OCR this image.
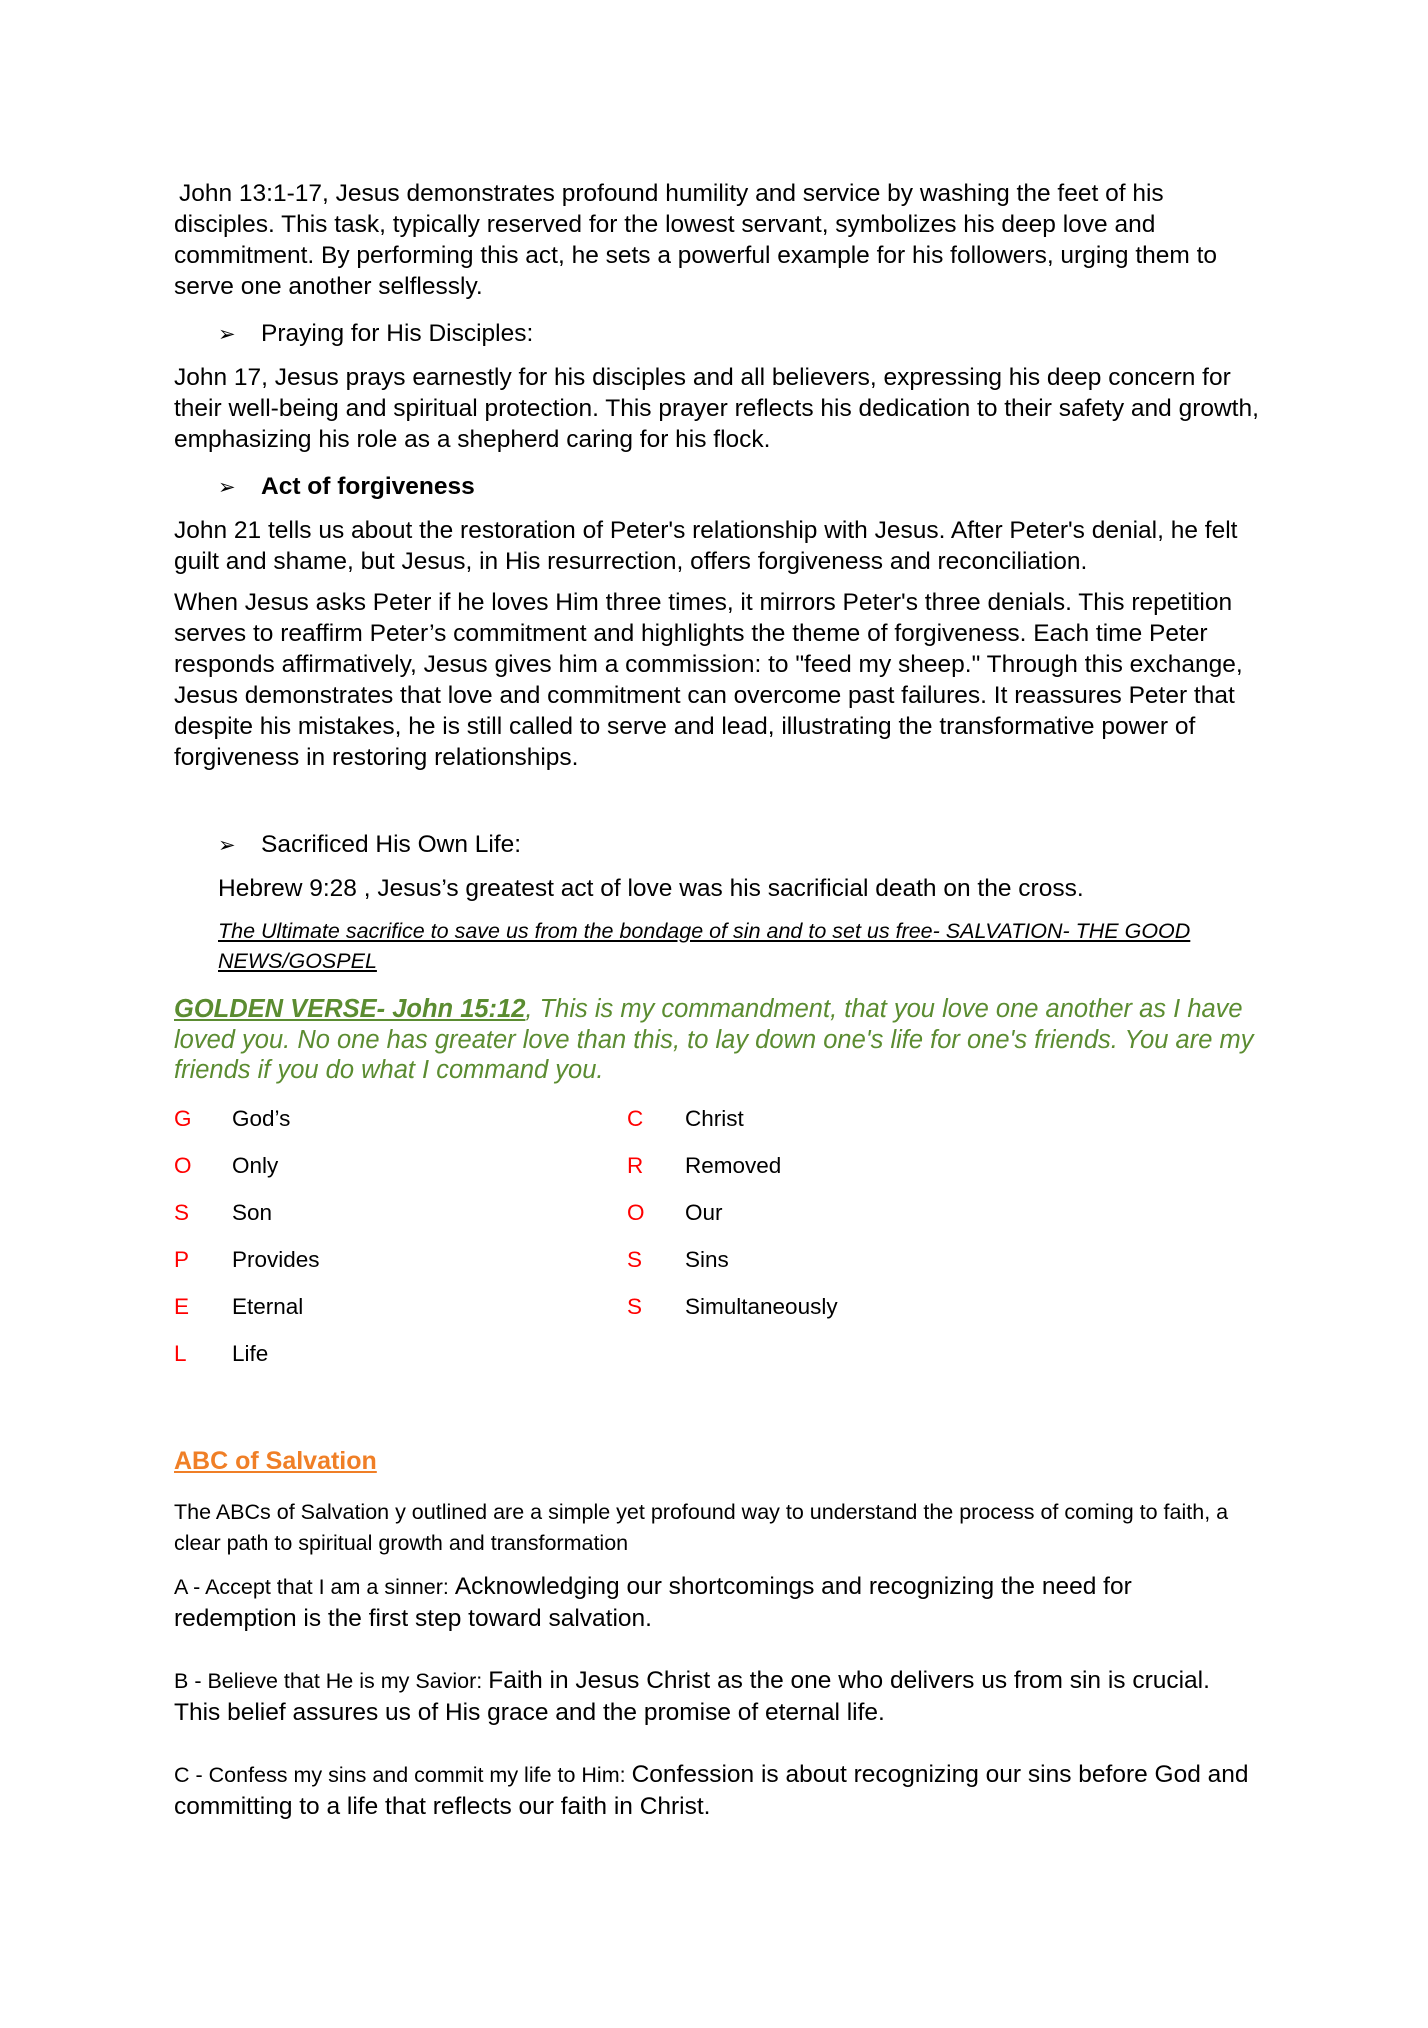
John 13:1-17, Jesus demonstrates profound humility and service by washing the feet of his disciples. This task, typically reserved for the lowest servant, symbolizes his deep love and commitment. By performing this act, he sets a powerful example for his followers, urging them to serve one another selflessly.

➢	Praying for His Disciples:

John 17, Jesus prays earnestly for his disciples and all believers, expressing his deep concern for their well-being and spiritual protection. This prayer reflects his dedication to their safety and growth, emphasizing his role as a shepherd caring for his flock.

➢	Act of forgiveness

John 21 tells us about the restoration of Peter's relationship with Jesus. After Peter's denial, he felt guilt and shame, but Jesus, in His resurrection, offers forgiveness and reconciliation.

When Jesus asks Peter if he loves Him three times, it mirrors Peter's three denials. This repetition serves to reaffirm Peter’s commitment and highlights the theme of forgiveness. Each time Peter responds affirmatively, Jesus gives him a commission: to "feed my sheep." Through this exchange, Jesus demonstrates that love and commitment can overcome past failures. It reassures Peter that despite his mistakes, he is still called to serve and lead, illustrating the transformative power of forgiveness in restoring relationships.

➢	Sacrificed His Own Life:

Hebrew 9:28 , Jesus’s greatest act of love was his sacrificial death on the cross.

The Ultimate sacrifice to save us from the bondage of sin and to set us free- SALVATION- THE GOOD NEWS/GOSPEL

GOLDEN VERSE- John 15:12, This is my commandment, that you love one another as I have loved you. No one has greater love than this, to lay down one's life for one's friends. You are my friends if you do what I command you.

G	God’s
O	Only
S	Son
P	Provides
E	Eternal
L	Life
C	Christ
R	Removed
O	Our
S	Sins
S	Simultaneously

ABC of Salvation

The ABCs of Salvation y outlined are a simple yet profound way to understand the process of coming to faith, a clear path to spiritual growth and transformation

A - Accept that I am a sinner: Acknowledging our shortcomings and recognizing the need for redemption is the first step toward salvation.

B - Believe that He is my Savior: Faith in Jesus Christ as the one who delivers us from sin is crucial. This belief assures us of His grace and the promise of eternal life.

C - Confess my sins and commit my life to Him: Confession is about recognizing our sins before God and committing to a life that reflects our faith in Christ.
